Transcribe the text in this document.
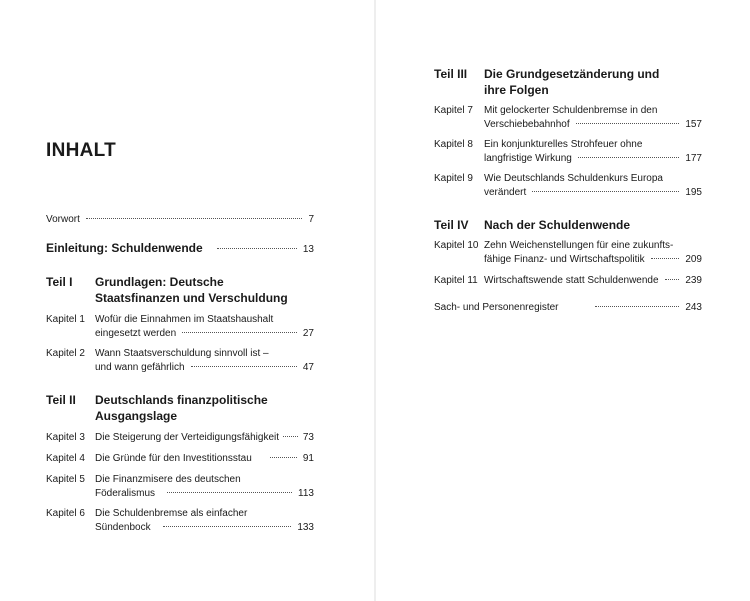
INHALT
Vorwort	7
Einleitung: Schuldenwende	13
Teil I Grundlagen: Deutsche
Staatsfinanzen und Verschuldung
Kapitel 1 Wofür die Einnahmen im Staatshaushalt
eingesetzt werden	27
Kapitel 2 Wann Staatsverschuldung sinnvoll ist –
und wann gefährlich	47
Teil II Deutschlands finanzpolitische
Ausgangslage
Kapitel 3 Die Steigerung der Verteidigungsfähigkeit 73
Kapitel 4 Die Gründe für den Investitionsstau	91
Kapitel 5 Die Finanzmisere des deutschen
Föderalismus	113
Kapitel 6 Die Schuldenbremse als einfacher
Sündenbock	133
Teil III Die Grundgesetzänderung und
ihre Folgen
Kapitel 7 Mit gelockerter Schuldenbremse in den
Verschiebebahnhof	157
Kapitel 8 Ein konjunkturelles Strohfeuer ohne
langfristige Wirkung	177
Kapitel 9 Wie Deutschlands Schuldenkurs Europa
verändert	195
Teil IV Nach der Schuldenwende
Kapitel 10 Zehn Weichenstellungen für eine zukunfts-
fähige Finanz- und Wirtschaftspolitik	209
Kapitel 11 Wirtschaftswende statt Schuldenwende	239
Sach- und Personenregister	243
